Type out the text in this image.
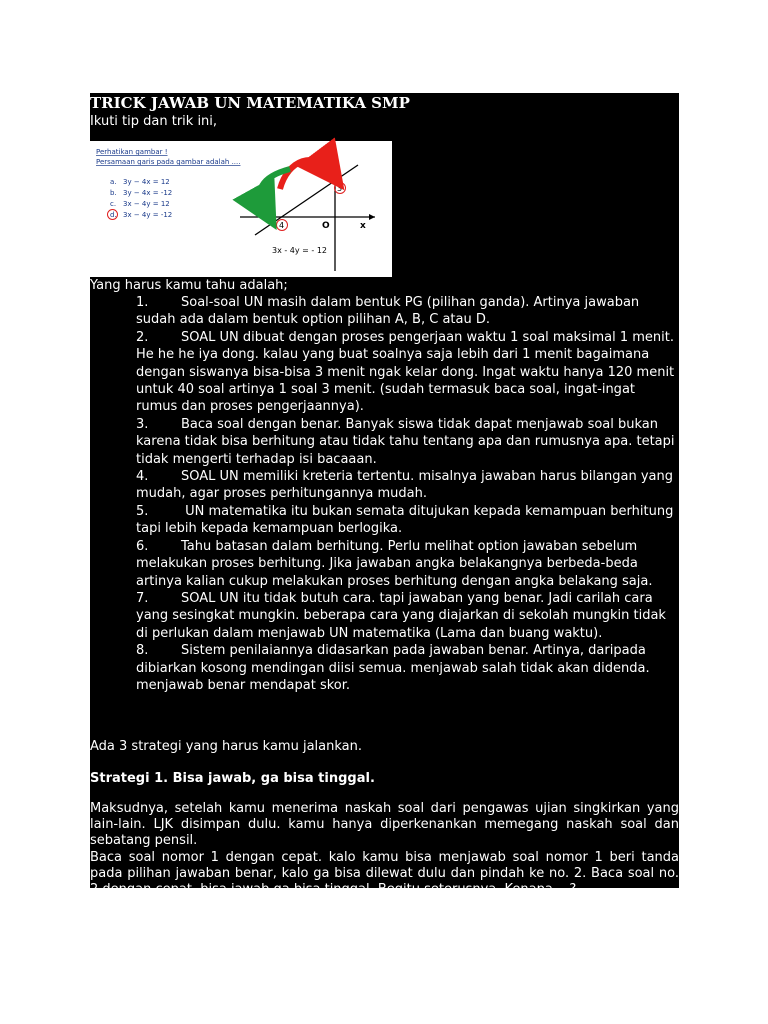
TRICK JAWAB UN MATEMATIKA SMP
Ikuti tip dan trik ini,
Perhatikan gambar !
Persamaan garis pada gambar adalah ....
a. 3y − 4x = 12
b. 3y − 4x = -12
c. 3x − 4y = 12
d. 3x − 4y = -12
y
x
x
O
3
4
3x - 4y = - 12
Yang harus kamu tahu adalah;
1.	Soal-soal UN masih dalam bentuk PG (pilihan ganda). Artinya jawaban sudah ada dalam bentuk option pilihan A, B, C atau D.
2.	SOAL UN dibuat dengan proses pengerjaan waktu 1 soal maksimal 1 menit. He he he iya dong. kalau yang buat soalnya saja lebih dari 1 menit bagaimana dengan siswanya bisa-bisa 3 menit ngak kelar dong. Ingat waktu hanya 120 menit untuk 40 soal artinya 1 soal 3 menit. (sudah termasuk baca soal, ingat-ingat rumus dan proses pengerjaannya).
3.	Baca soal dengan benar. Banyak siswa tidak dapat menjawab soal bukan karena tidak bisa berhitung atau tidak tahu tentang apa dan rumusnya apa. tetapi tidak mengerti terhadap isi bacaaan.
4.	SOAL UN memiliki kreteria tertentu. misalnya jawaban harus bilangan yang mudah, agar proses perhitungannya mudah.
5.	UN matematika itu bukan semata ditujukan kepada kemampuan berhitung tapi lebih kepada kemampuan berlogika.
6.	Tahu batasan dalam berhitung. Perlu melihat option jawaban sebelum melakukan proses berhitung. Jika jawaban angka belakangnya berbeda-beda artinya kalian cukup melakukan proses berhitung dengan angka belakang saja.
7.	SOAL UN itu tidak butuh cara. tapi jawaban yang benar. Jadi carilah cara yang sesingkat mungkin. beberapa cara yang diajarkan di sekolah mungkin tidak di perlukan dalam menjawab UN matematika (Lama dan buang waktu).
8.	Sistem penilaiannya didasarkan pada jawaban benar. Artinya, daripada dibiarkan kosong mendingan diisi semua. menjawab salah tidak akan didenda. menjawab benar mendapat skor.
Ada 3 strategi yang harus kamu jalankan.
Strategi 1. Bisa jawab, ga bisa tinggal.

Maksudnya, setelah kamu menerima naskah soal dari pengawas ujian singkirkan yang lain-lain. LJK disimpan dulu. kamu hanya diperkenankan memegang naskah soal dan sebatang pensil.

Baca soal nomor 1 dengan cepat. kalo kamu bisa menjawab soal nomor 1 beri tanda pada pilihan jawaban benar, kalo ga bisa dilewat dulu dan pindah ke no. 2. Baca soal no. 2 dengan cepat, bisa jawab ga bisa tinggal. Begitu seterusnya. Kenapa....?
